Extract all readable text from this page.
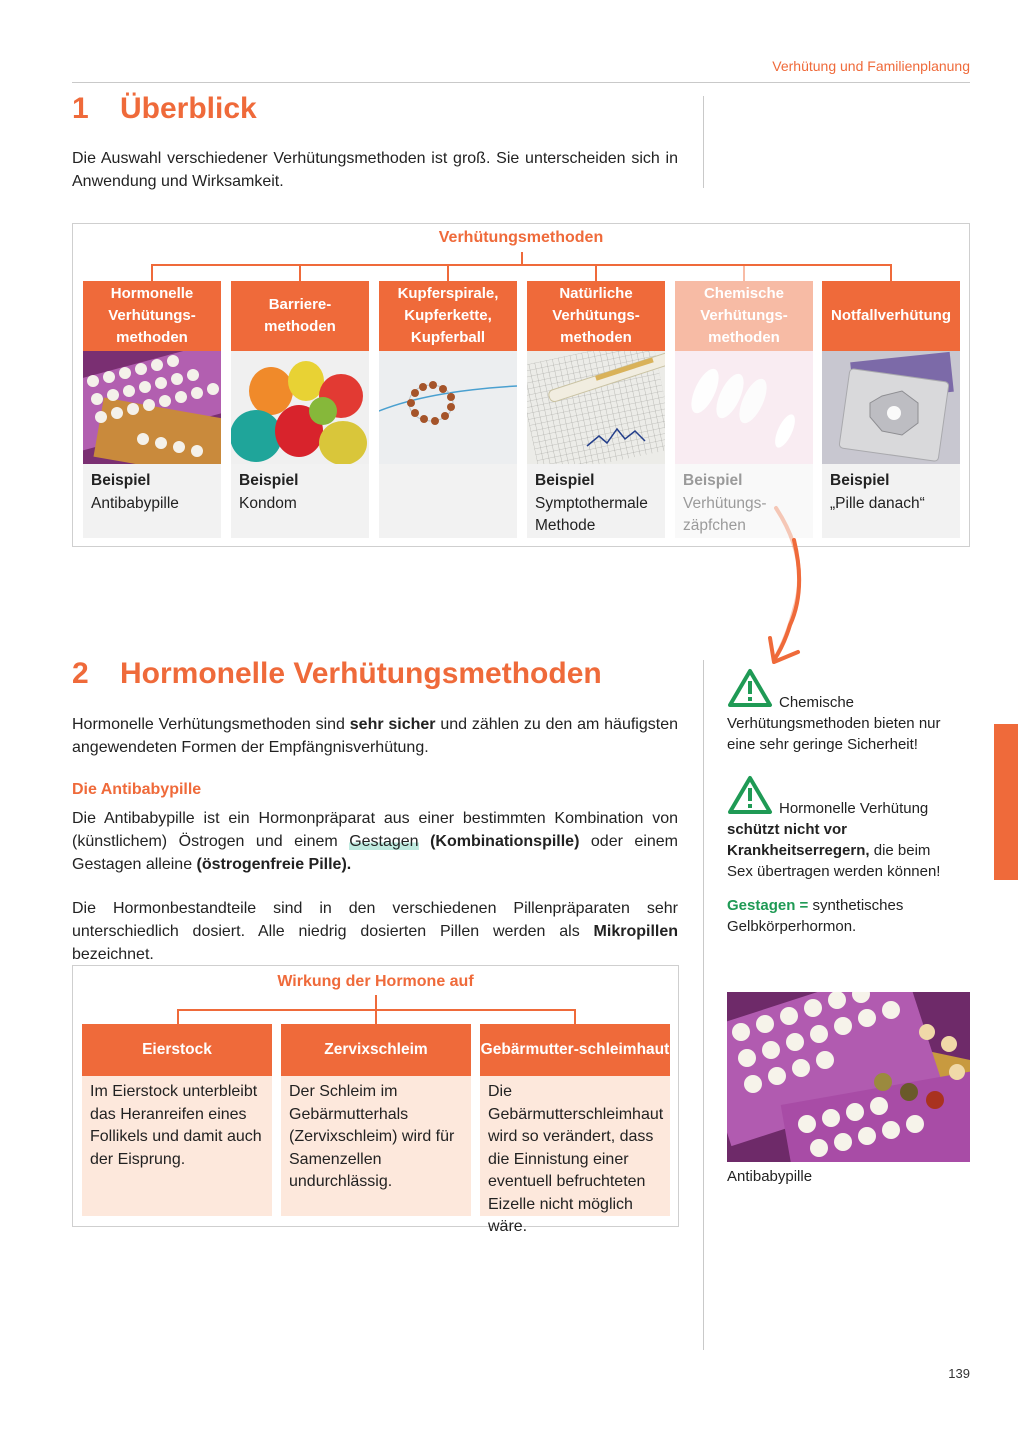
Verhütung und Familienplanung
1 Überblick
Die Auswahl verschiedener Verhütungsmethoden ist groß. Sie unterscheiden sich in Anwendung und Wirksamkeit.
Verhütungsmethoden
Hormonelle Verhütungs-methoden
Beispiel
Antibabypille
Barriere-methoden
Beispiel
Kondom
Kupferspirale, Kupferkette, Kupferball
Natürliche Verhütungs-methoden
Beispiel
Symptothermale Methode
Chemische Verhütungs-methoden
Beispiel
Verhütungs-zäpfchen
Notfallverhütung
Beispiel
„Pille danach“
2 Hormonelle Verhütungsmethoden
Hormonelle Verhütungsmethoden sind sehr sicher und zählen zu den am häufigsten angewendeten Formen der Empfängnisverhütung.
Die Antibabypille
Die Antibabypille ist ein Hormonpräparat aus einer bestimmten Kombination von (künstlichem) Östrogen und einem Gestagen (Kombinationspille) oder einem Gestagen alleine (östrogenfreie Pille).
Die Hormonbestandteile sind in den verschiedenen Pillenpräparaten sehr unterschiedlich dosiert. Alle niedrig dosierten Pillen werden als Mikropillen bezeichnet.
Wirkung der Hormone auf
Eierstock
Im Eierstock unterbleibt das Heranreifen eines Follikels und damit auch der Eisprung.
Zervixschleim
Der Schleim im Gebärmutterhals (Zervixschleim) wird für Samenzellen undurchlässig.
Gebärmutter-schleimhaut
Die Gebärmutterschleimhaut wird so verändert, dass die Einnistung einer eventuell befruchteten Eizelle nicht möglich wäre.
Chemische Verhütungsmethoden bieten nur eine sehr geringe Sicherheit!
Hormonelle Verhütung schützt nicht vor Krankheitserregern, die beim Sex übertragen werden können!
Gestagen = synthetisches Gelbkörperhormon.
Antibabypille
139
